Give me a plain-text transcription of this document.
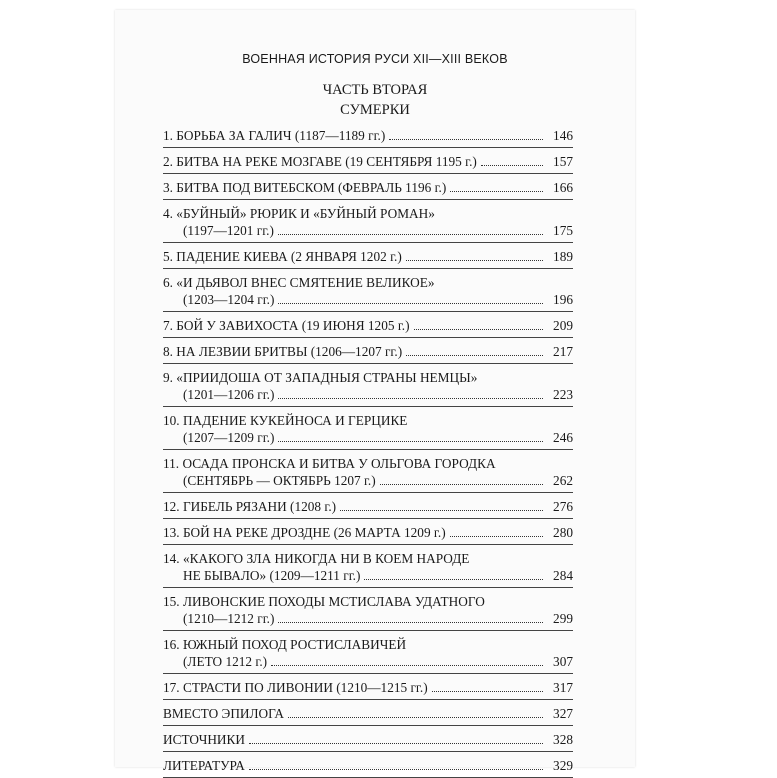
ВОЕННАЯ ИСТОРИЯ РУСИ XII—XIII ВЕКОВ
ЧАСТЬ ВТОРАЯ
СУМЕРКИ
1. БОРЬБА ЗА ГАЛИЧ (1187—1189 гг.)	146
2. БИТВА НА РЕКЕ МОЗГАВЕ (19 СЕНТЯБРЯ 1195 г.)	157
3. БИТВА ПОД ВИТЕБСКОМ (ФЕВРАЛЬ 1196 г.)	166
4. «БУЙНЫЙ» РЮРИК И «БУЙНЫЙ РОМАН»
(1197—1201 гг.)	175
5. ПАДЕНИЕ КИЕВА (2 ЯНВАРЯ 1202 г.)	189
6. «И ДЬЯВОЛ ВНЕС СМЯТЕНИЕ ВЕЛИКОЕ»
(1203—1204 гг.)	196
7. БОЙ У ЗАВИХОСТА (19 ИЮНЯ 1205 г.)	209
8. НА ЛЕЗВИИ БРИТВЫ (1206—1207 гг.)	217
9. «ПРИИДОША ОТ ЗАПАДНЫЯ СТРАНЫ НЕМЦЫ»
(1201—1206 гг.)	223
10. ПАДЕНИЕ КУКЕЙНОСА И ГЕРЦИКЕ
(1207—1209 гг.)	246
11. ОСАДА ПРОНСКА И БИТВА У ОЛЬГОВА ГОРОДКА
(СЕНТЯБРЬ — ОКТЯБРЬ 1207 г.)	262
12. ГИБЕЛЬ РЯЗАНИ (1208 г.)	276
13. БОЙ НА РЕКЕ ДРОЗДНЕ (26 МАРТА 1209 г.)	280
14. «КАКОГО ЗЛА НИКОГДА НИ В КОЕМ НАРОДЕ
НЕ БЫВАЛО» (1209—1211 гг.)	284
15. ЛИВОНСКИЕ ПОХОДЫ МСТИСЛАВА УДАТНОГО
(1210—1212 гг.)	299
16. ЮЖНЫЙ ПОХОД РОСТИСЛАВИЧЕЙ
(ЛЕТО 1212 г.)	307
17. СТРАСТИ ПО ЛИВОНИИ (1210—1215 гг.)	317
ВМЕСТО ЭПИЛОГА	327
ИСТОЧНИКИ	328
ЛИТЕРАТУРА	329
